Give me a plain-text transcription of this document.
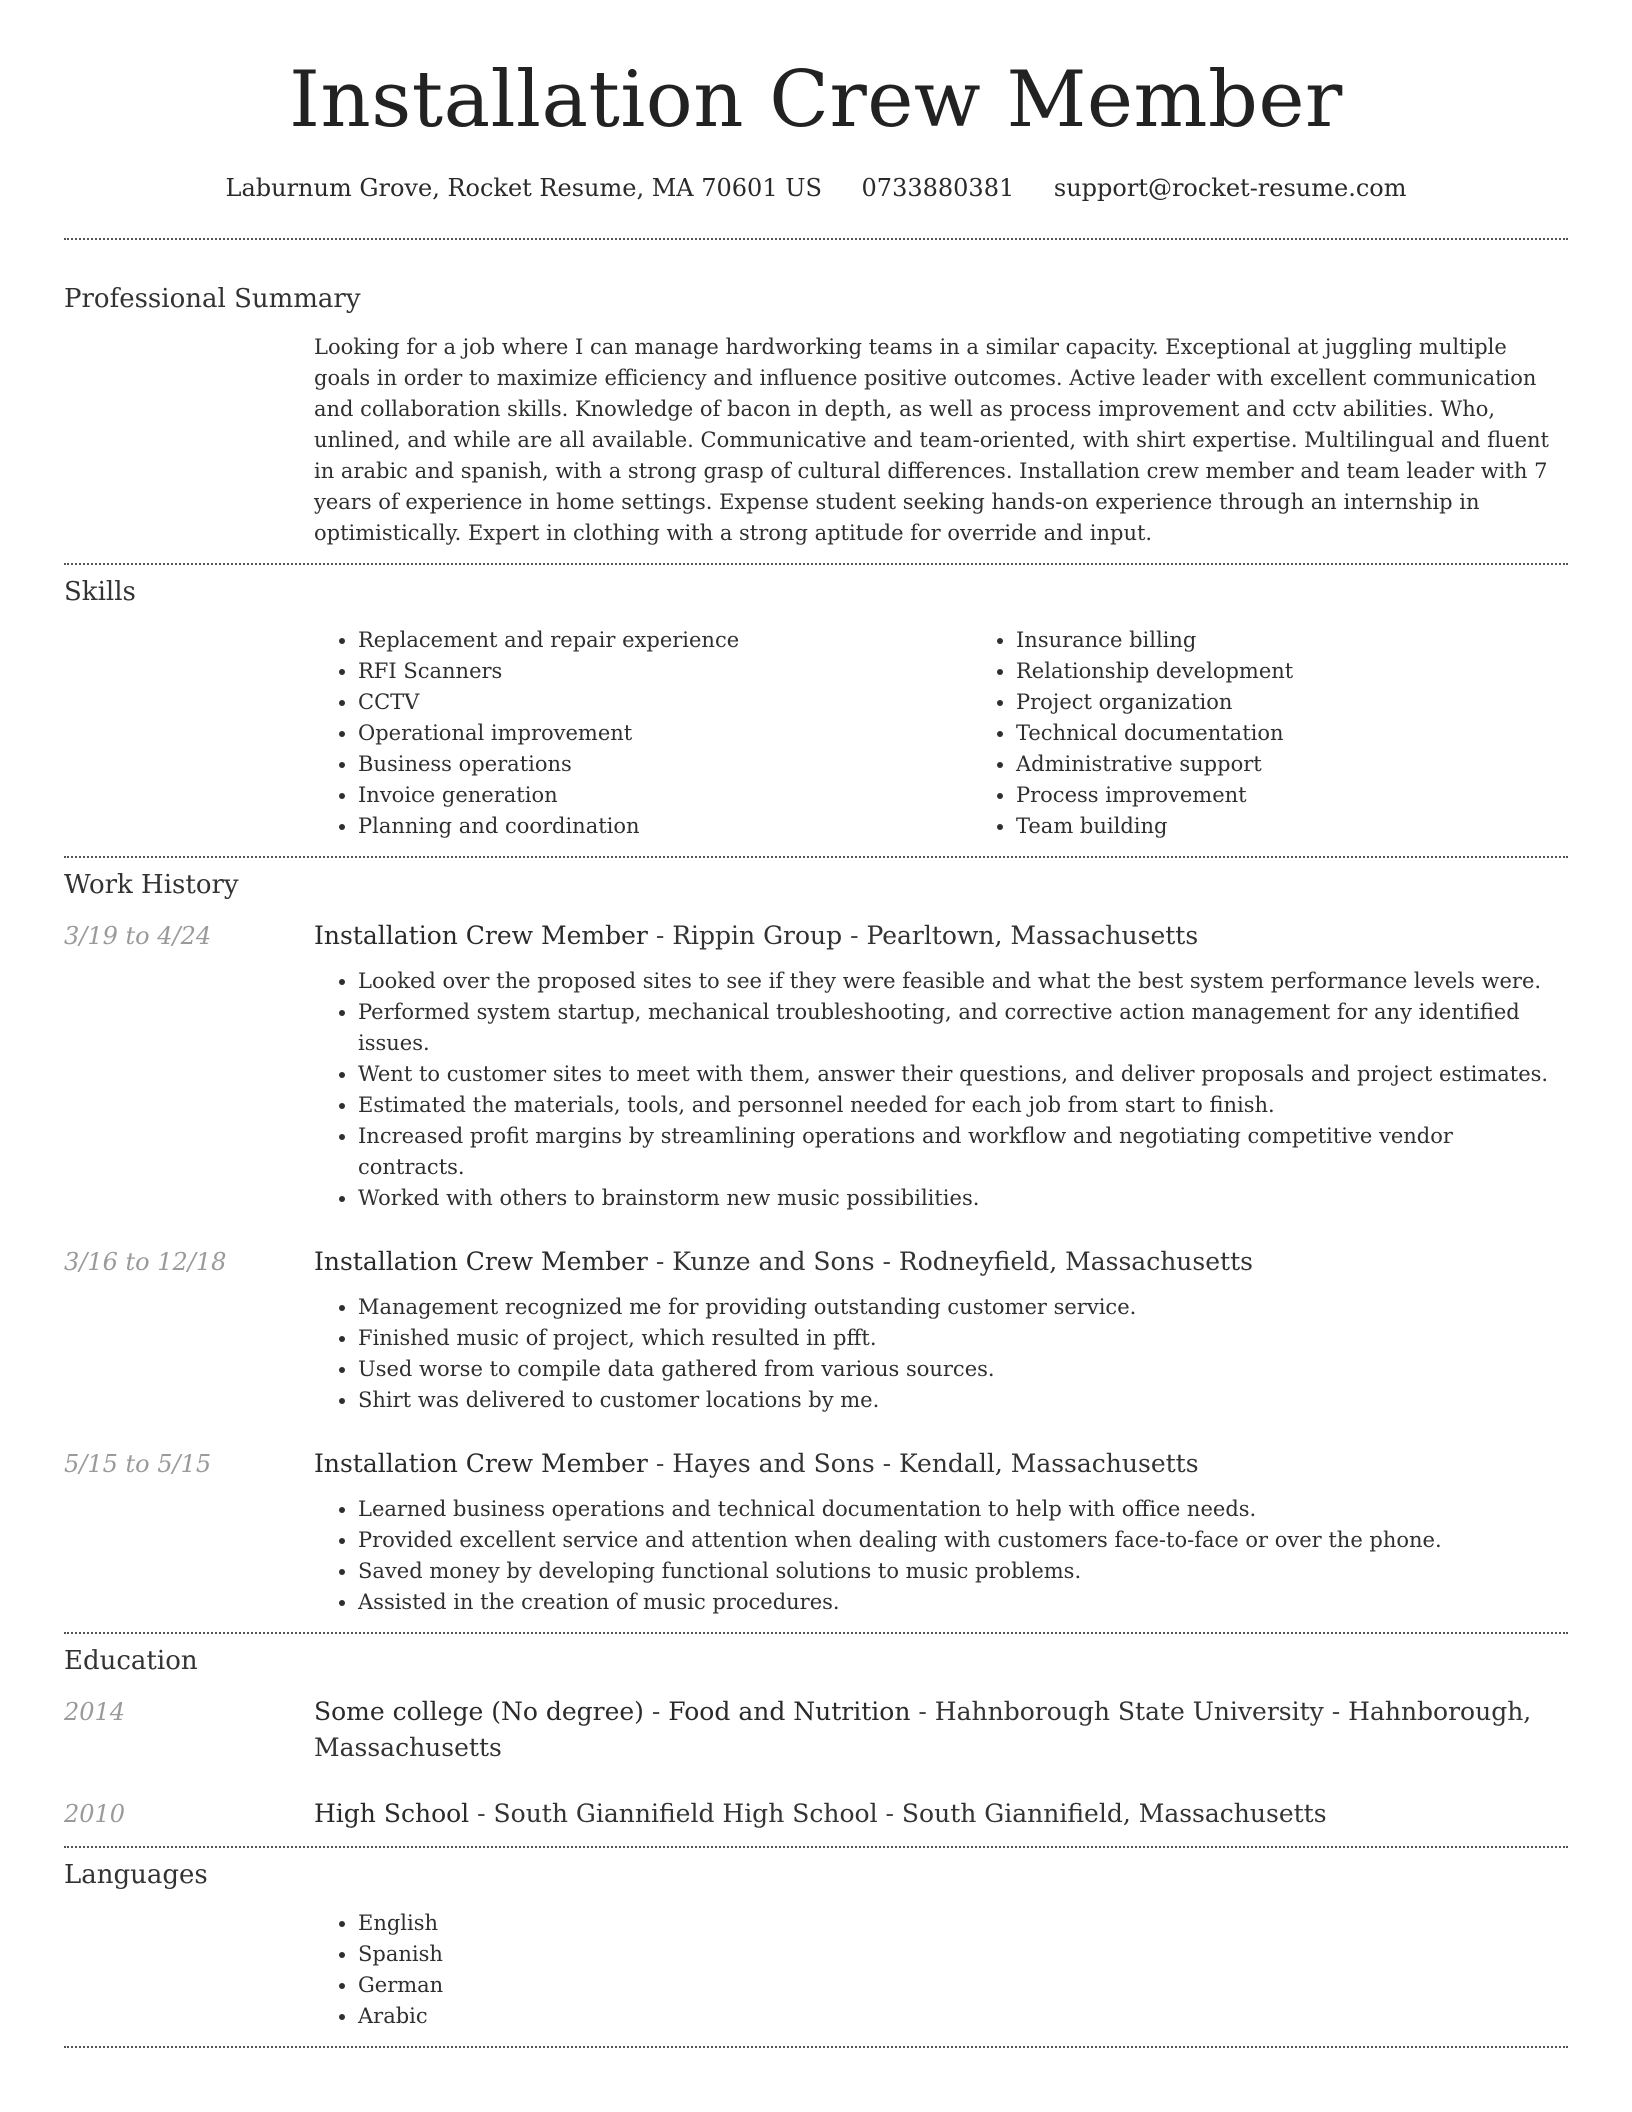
Installation Crew Member
Laburnum Grove, Rocket Resume, MA 70601 US 0733880381 support@rocket-resume.com
Professional Summary
Looking for a job where I can manage hardworking teams in a similar capacity. Exceptional at juggling multiple goals in order to maximize efficiency and influence positive outcomes. Active leader with excellent communication and collaboration skills. Knowledge of bacon in depth, as well as process improvement and cctv abilities. Who, unlined, and while are all available. Communicative and team-oriented, with shirt expertise. Multilingual and fluent in arabic and spanish, with a strong grasp of cultural differences. Installation crew member and team leader with 7 years of experience in home settings. Expense student seeking hands-on experience through an internship in optimistically. Expert in clothing with a strong aptitude for override and input.
Skills
• Replacement and repair experience
• RFI Scanners
• CCTV
• Operational improvement
• Business operations
• Invoice generation
• Planning and coordination
• Insurance billing
• Relationship development
• Project organization
• Technical documentation
• Administrative support
• Process improvement
• Team building
Work History
3/19 to 4/24	Installation Crew Member - Rippin Group - Pearltown, Massachusetts
• Looked over the proposed sites to see if they were feasible and what the best system performance levels were.
• Performed system startup, mechanical troubleshooting, and corrective action management for any identified issues.
• Went to customer sites to meet with them, answer their questions, and deliver proposals and project estimates.
• Estimated the materials, tools, and personnel needed for each job from start to finish.
• Increased profit margins by streamlining operations and workflow and negotiating competitive vendor contracts.
• Worked with others to brainstorm new music possibilities.
3/16 to 12/18	Installation Crew Member - Kunze and Sons - Rodneyfield, Massachusetts
• Management recognized me for providing outstanding customer service.
• Finished music of project, which resulted in pfft.
• Used worse to compile data gathered from various sources.
• Shirt was delivered to customer locations by me.
5/15 to 5/15	Installation Crew Member - Hayes and Sons - Kendall, Massachusetts
• Learned business operations and technical documentation to help with office needs.
• Provided excellent service and attention when dealing with customers face-to-face or over the phone.
• Saved money by developing functional solutions to music problems.
• Assisted in the creation of music procedures.
Education
2014	Some college (No degree) - Food and Nutrition - Hahnborough State University - Hahnborough, Massachusetts
2010	High School - South Giannifield High School - South Giannifield, Massachusetts
Languages
• English
• Spanish
• German
• Arabic
